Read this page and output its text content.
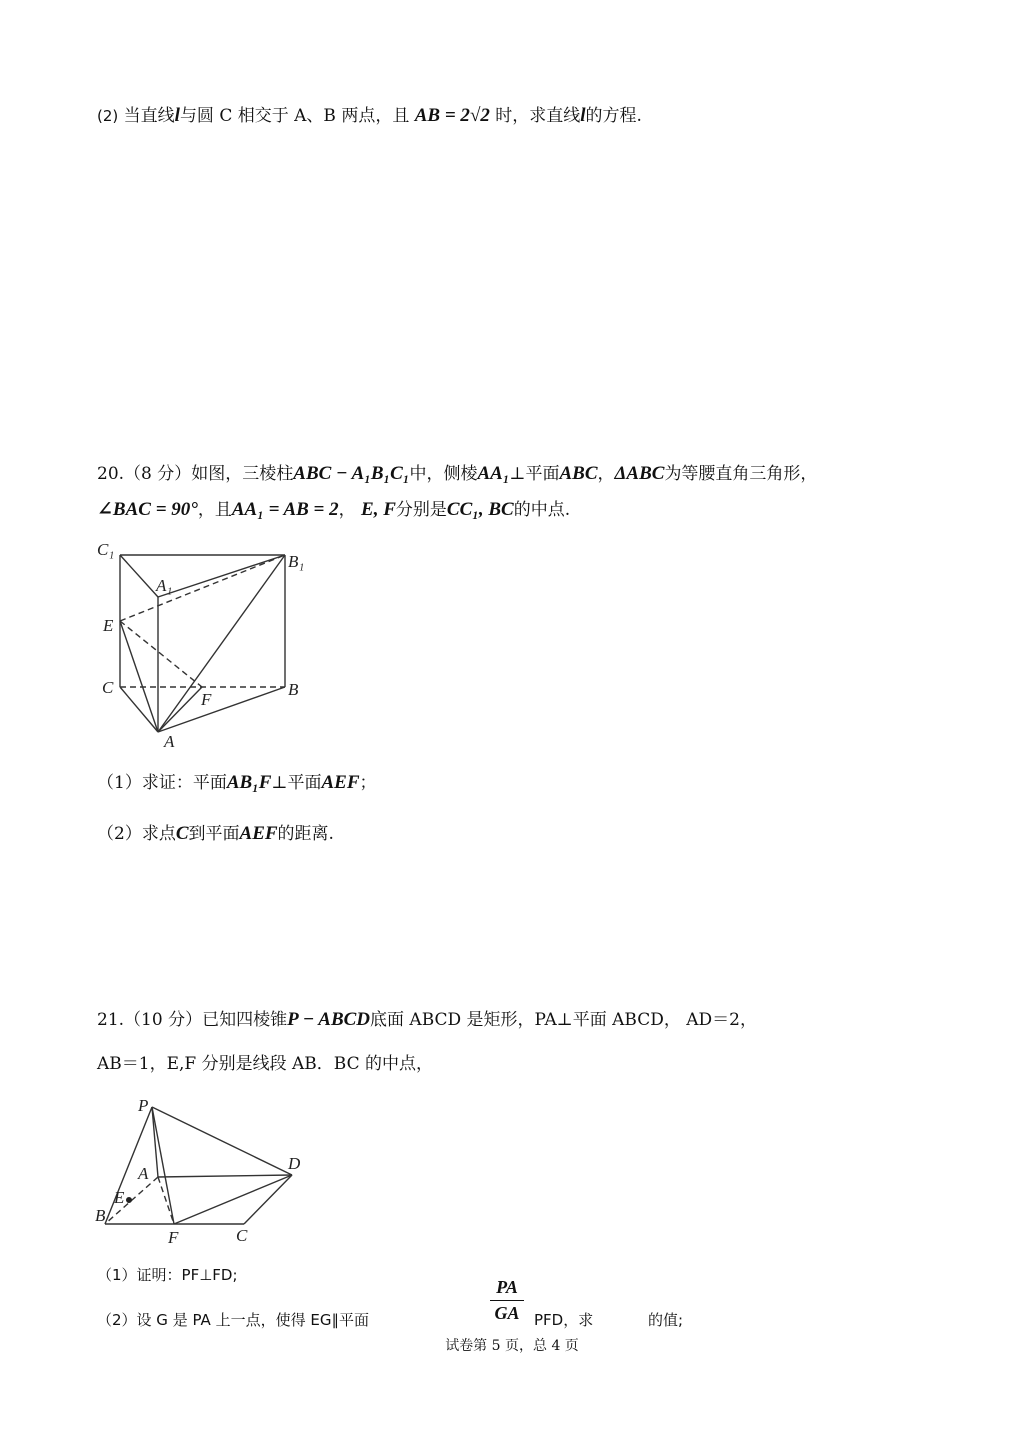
(2) 当直线l与圆 C 相交于 A、B 两点，且 AB = 2√2 时，求直线l的方程.
20.（8 分）如图，三棱柱ABC − A₁B₁C₁中，侧棱AA₁⊥平面ABC，ΔABC为等腰直角三角形，
∠BAC = 90°，且AA₁ = AB = 2， E, F分别是CC₁, BC的中点.
C₁
A₁
B₁
E
C
F
B
A
（1）求证：平面AB₁F⊥平面AEF；
（2）求点C到平面AEF的距离.
21.（10 分）已知四棱锥P − ABCD底面 ABCD 是矩形，PA⊥平面 ABCD， AD＝2，
AB＝1，E,F 分别是线段 AB．BC 的中点，
P
A
D
E
B
F	C
（1）证明：PF⊥FD;
PA
GA
（2）设 G 是 PA 上一点，使得 EG∥平面	PFD，求	的值;
试卷第 5 页，总 4 页
